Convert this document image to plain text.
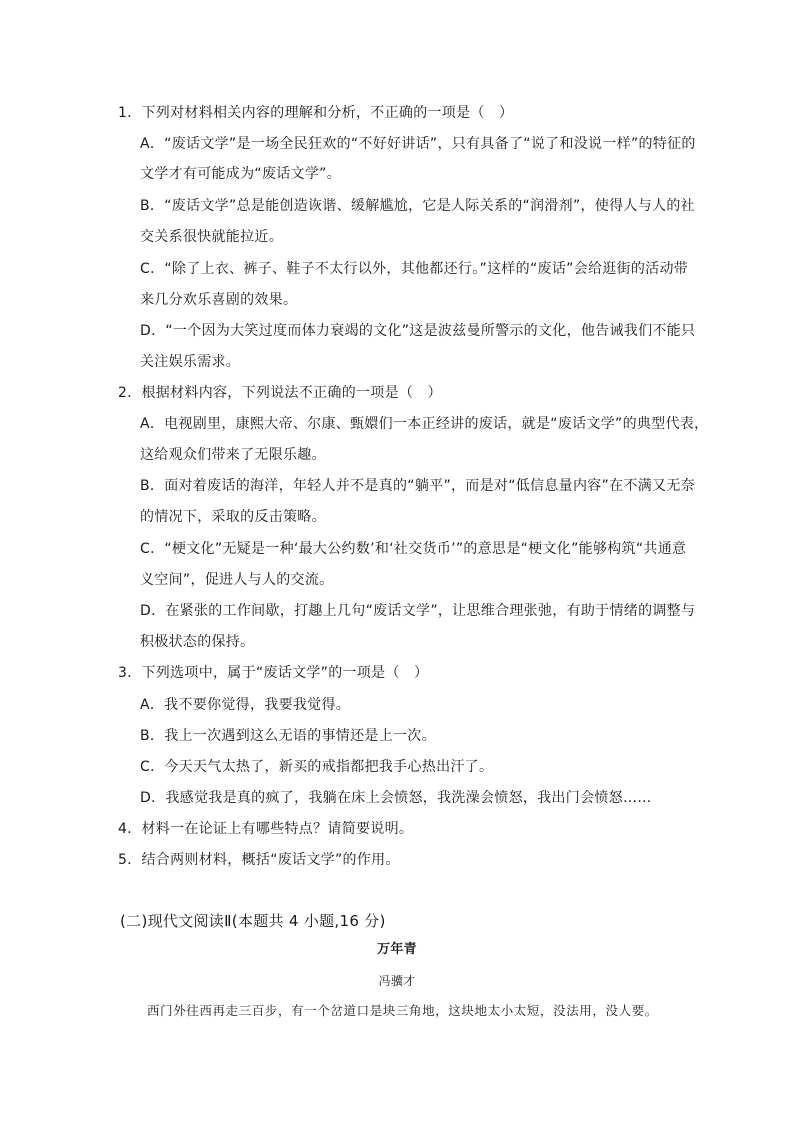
1．下列对材料相关内容的理解和分析，不正确的一项是（　）
A．“废话文学”是一场全民狂欢的“不好好讲话”，只有具备了“说了和没说一样”的特征的
文学才有可能成为“废话文学”。
B．“废话文学”总是能创造诙谐、缓解尴尬，它是人际关系的“润滑剂”，使得人与人的社
交关系很快就能拉近。
C．“除了上衣、裤子、鞋子不太行以外，其他都还行。”这样的“废话”会给逛街的活动带
来几分欢乐喜剧的效果。
D．“一个因为大笑过度而体力衰竭的文化”这是波兹曼所警示的文化，他告诫我们不能只
关注娱乐需求。
2．根据材料内容，下列说法不正确的一项是（　）
A．电视剧里，康熙大帝、尔康、甄嬛们一本正经讲的废话，就是“废话文学”的典型代表，
这给观众们带来了无限乐趣。
B．面对着废话的海洋，年轻人并不是真的“躺平”，而是对“低信息量内容”在不满又无奈
的情况下，采取的反击策略。
C．“梗文化”无疑是一种‘最大公约数’和‘社交货币’”的意思是“梗文化”能够构筑“共通意
义空间”，促进人与人的交流。
D．在紧张的工作间歇，打趣上几句“废话文学”，让思维合理张弛，有助于情绪的调整与
积极状态的保持。
3．下列选项中，属于“废话文学”的一项是（　）
A．我不要你觉得，我要我觉得。
B．我上一次遇到这么无语的事情还是上一次。
C．今天天气太热了，新买的戒指都把我手心热出汗了。
D．我感觉我是真的疯了，我躺在床上会愤怒，我洗澡会愤怒，我出门会愤怒……
4．材料一在论证上有哪些特点？请简要说明。
5．结合两则材料，概括“废话文学”的作用。
(二)现代文阅读Ⅱ(本题共 4 小题,16 分)
万年青
冯骥才
西门外往西再走三百步，有一个岔道口是块三角地，这块地太小太短，没法用，没人要。
